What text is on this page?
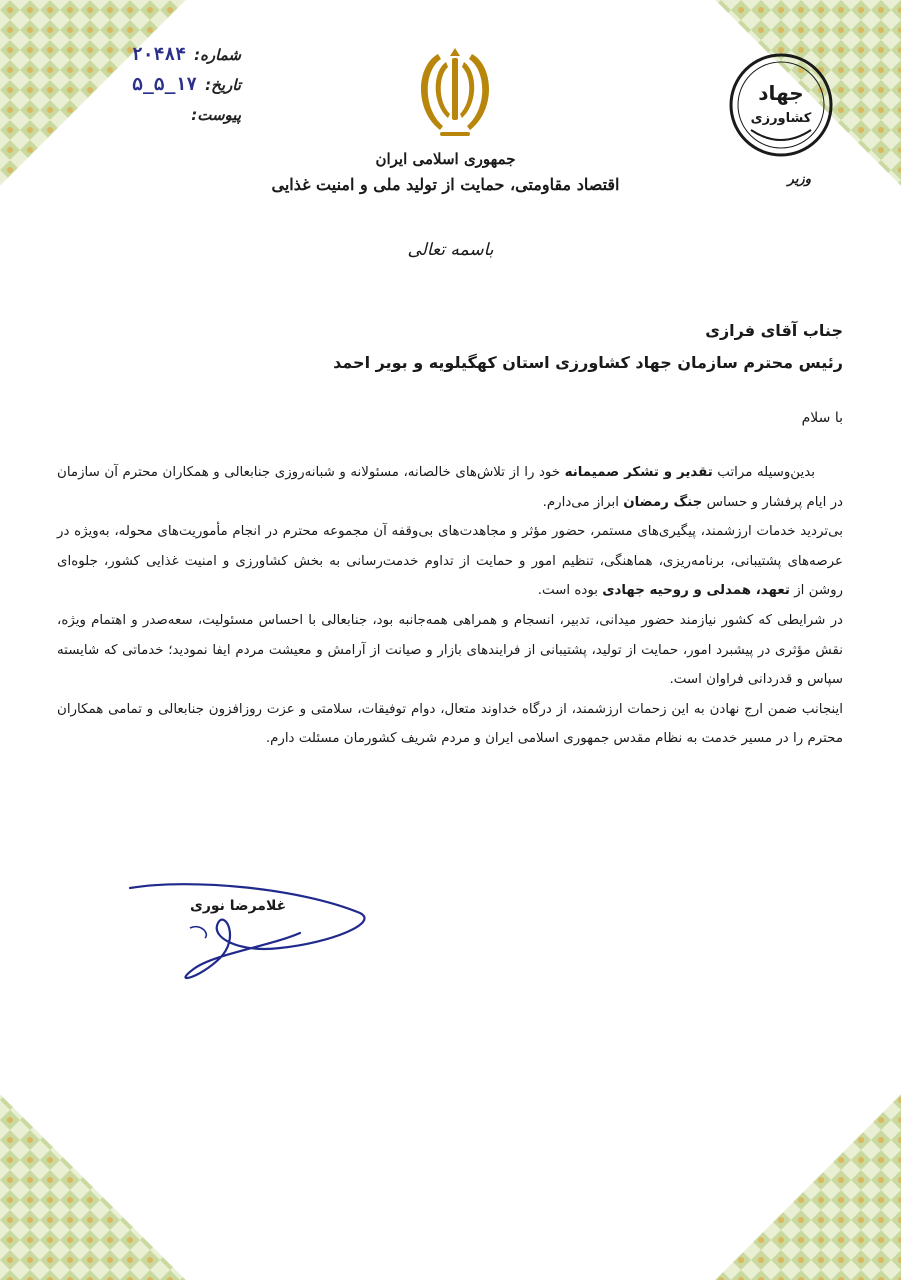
شماره:
۲۰۴۸۴
تاریخ:
۵_۵_۱۷
پیوست:
جمهوری اسلامی ایران
اقتصاد مقاومتی، حمایت از تولید ملی و امنیت غذایی
جهاد
کشاورزی
وزیر
باسمه تعالی
جناب آقای فرازی
رئیس محترم سازمان جهاد کشاورزی استان کهگیلویه و بویر احمد
با سلام

بدین‌وسیله مراتب تقدیر و تشکر صمیمانه خود را از تلاش‌های خالصانه، مسئولانه و شبانه‌روزی جنابعالی و همکاران محترم آن سازمان در ایام پرفشار و حساس جنگ رمضان ابراز می‌دارم.

بی‌تردید خدمات ارزشمند، پیگیری‌های مستمر، حضور مؤثر و مجاهدت‌های بی‌وقفه آن مجموعه محترم در انجام مأموریت‌های محوله، به‌ویژه در عرصه‌های پشتیبانی، برنامه‌ریزی، هماهنگی، تنظیم امور و حمایت از تداوم خدمت‌رسانی به بخش کشاورزی و امنیت غذایی کشور، جلوه‌ای روشن از تعهد، همدلی و روحیه جهادی بوده است.

در شرایطی که کشور نیازمند حضور میدانی، تدبیر، انسجام و همراهی همه‌جانبه بود، جنابعالی با احساس مسئولیت، سعه‌صدر و اهتمام ویژه، نقش مؤثری در پیشبرد امور، حمایت از تولید، پشتیبانی از فرایندهای بازار و صیانت از آرامش و معیشت مردم ایفا نمودید؛ خدماتی که شایسته سپاس و قدردانی فراوان است.

اینجانب ضمن ارج نهادن به این زحمات ارزشمند، از درگاه خداوند متعال، دوام توفیقات، سلامتی و عزت روزافزون جنابعالی و تمامی همکاران محترم را در مسیر خدمت به نظام مقدس جمهوری اسلامی ایران و مردم شریف کشورمان مسئلت دارم.

غلامرضا نوری
